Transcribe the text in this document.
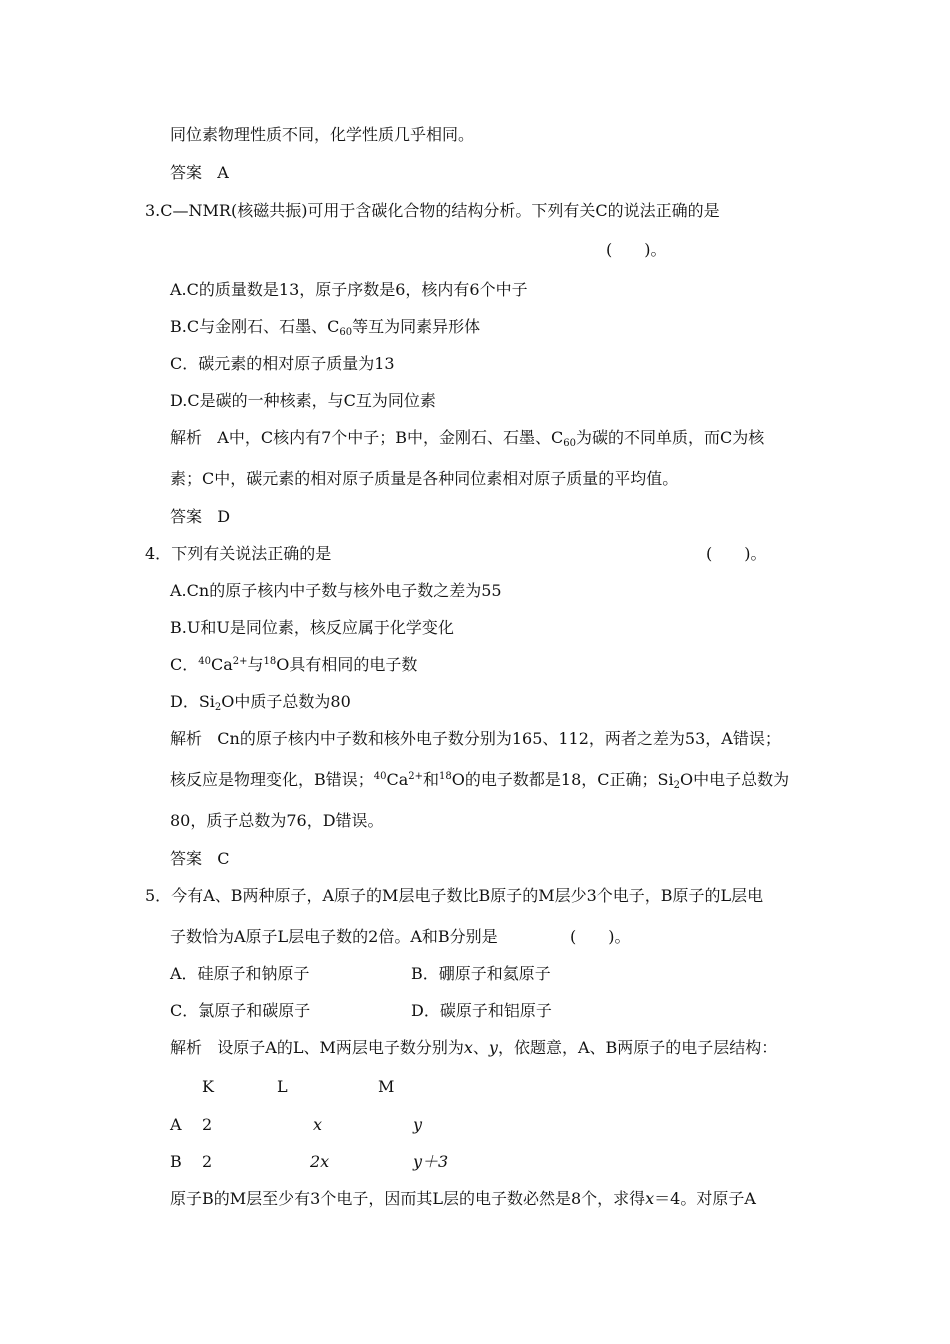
同位素物理性质不同，化学性质几乎相同。
答案 A
3.C—NMR(核磁共振)可用于含碳化合物的结构分析。下列有关C的说法正确的是
(　　)。
A.C的质量数是13，原子序数是6，核内有6个中子
B.C与金刚石、石墨、C60等互为同素异形体
C．碳元素的相对原子质量为13
D.C是碳的一种核素，与C互为同位素
解析 A中，C核内有7个中子；B中，金刚石、石墨、C60为碳的不同单质，而C为核
素；C中，碳元素的相对原子质量是各种同位素相对原子质量的平均值。
答案 D
4．下列有关说法正确的是	(　　)。
A.Cn的原子核内中子数与核外电子数之差为55
B.U和U是同位素，核反应属于化学变化
C．$^{40}Ca^{2+}$与$^{18}$O具有相同的电子数
D．Si2O中质子总数为80
解析 Cn的原子核内中子数和核外电子数分别为165、112，两者之差为53，A错误；
核反应是物理变化，B错误；$^{40}Ca^{2+}$和$^{18}$O的电子数都是18，C正确；Si2O中电子总数为
80，质子总数为76，D错误。
答案 C
5．今有A、B两种原子，A原子的M层电子数比B原子的M层少3个电子，B原子的L层电
子数恰为A原子L层电子数的2倍。A和B分别是	(　　)。
A．硅原子和钠原子	B．硼原子和氦原子
C．氯原子和碳原子	D．碳原子和铝原子
解析 设原子A的L、M两层电子数分别为x、y，依题意，A、B两原子的电子层结构：
K	L	M
A 2	x	y
B 2	2x	y＋3
原子B的M层至少有3个电子，因而其L层的电子数必然是8个，求得x＝4。对原子A
